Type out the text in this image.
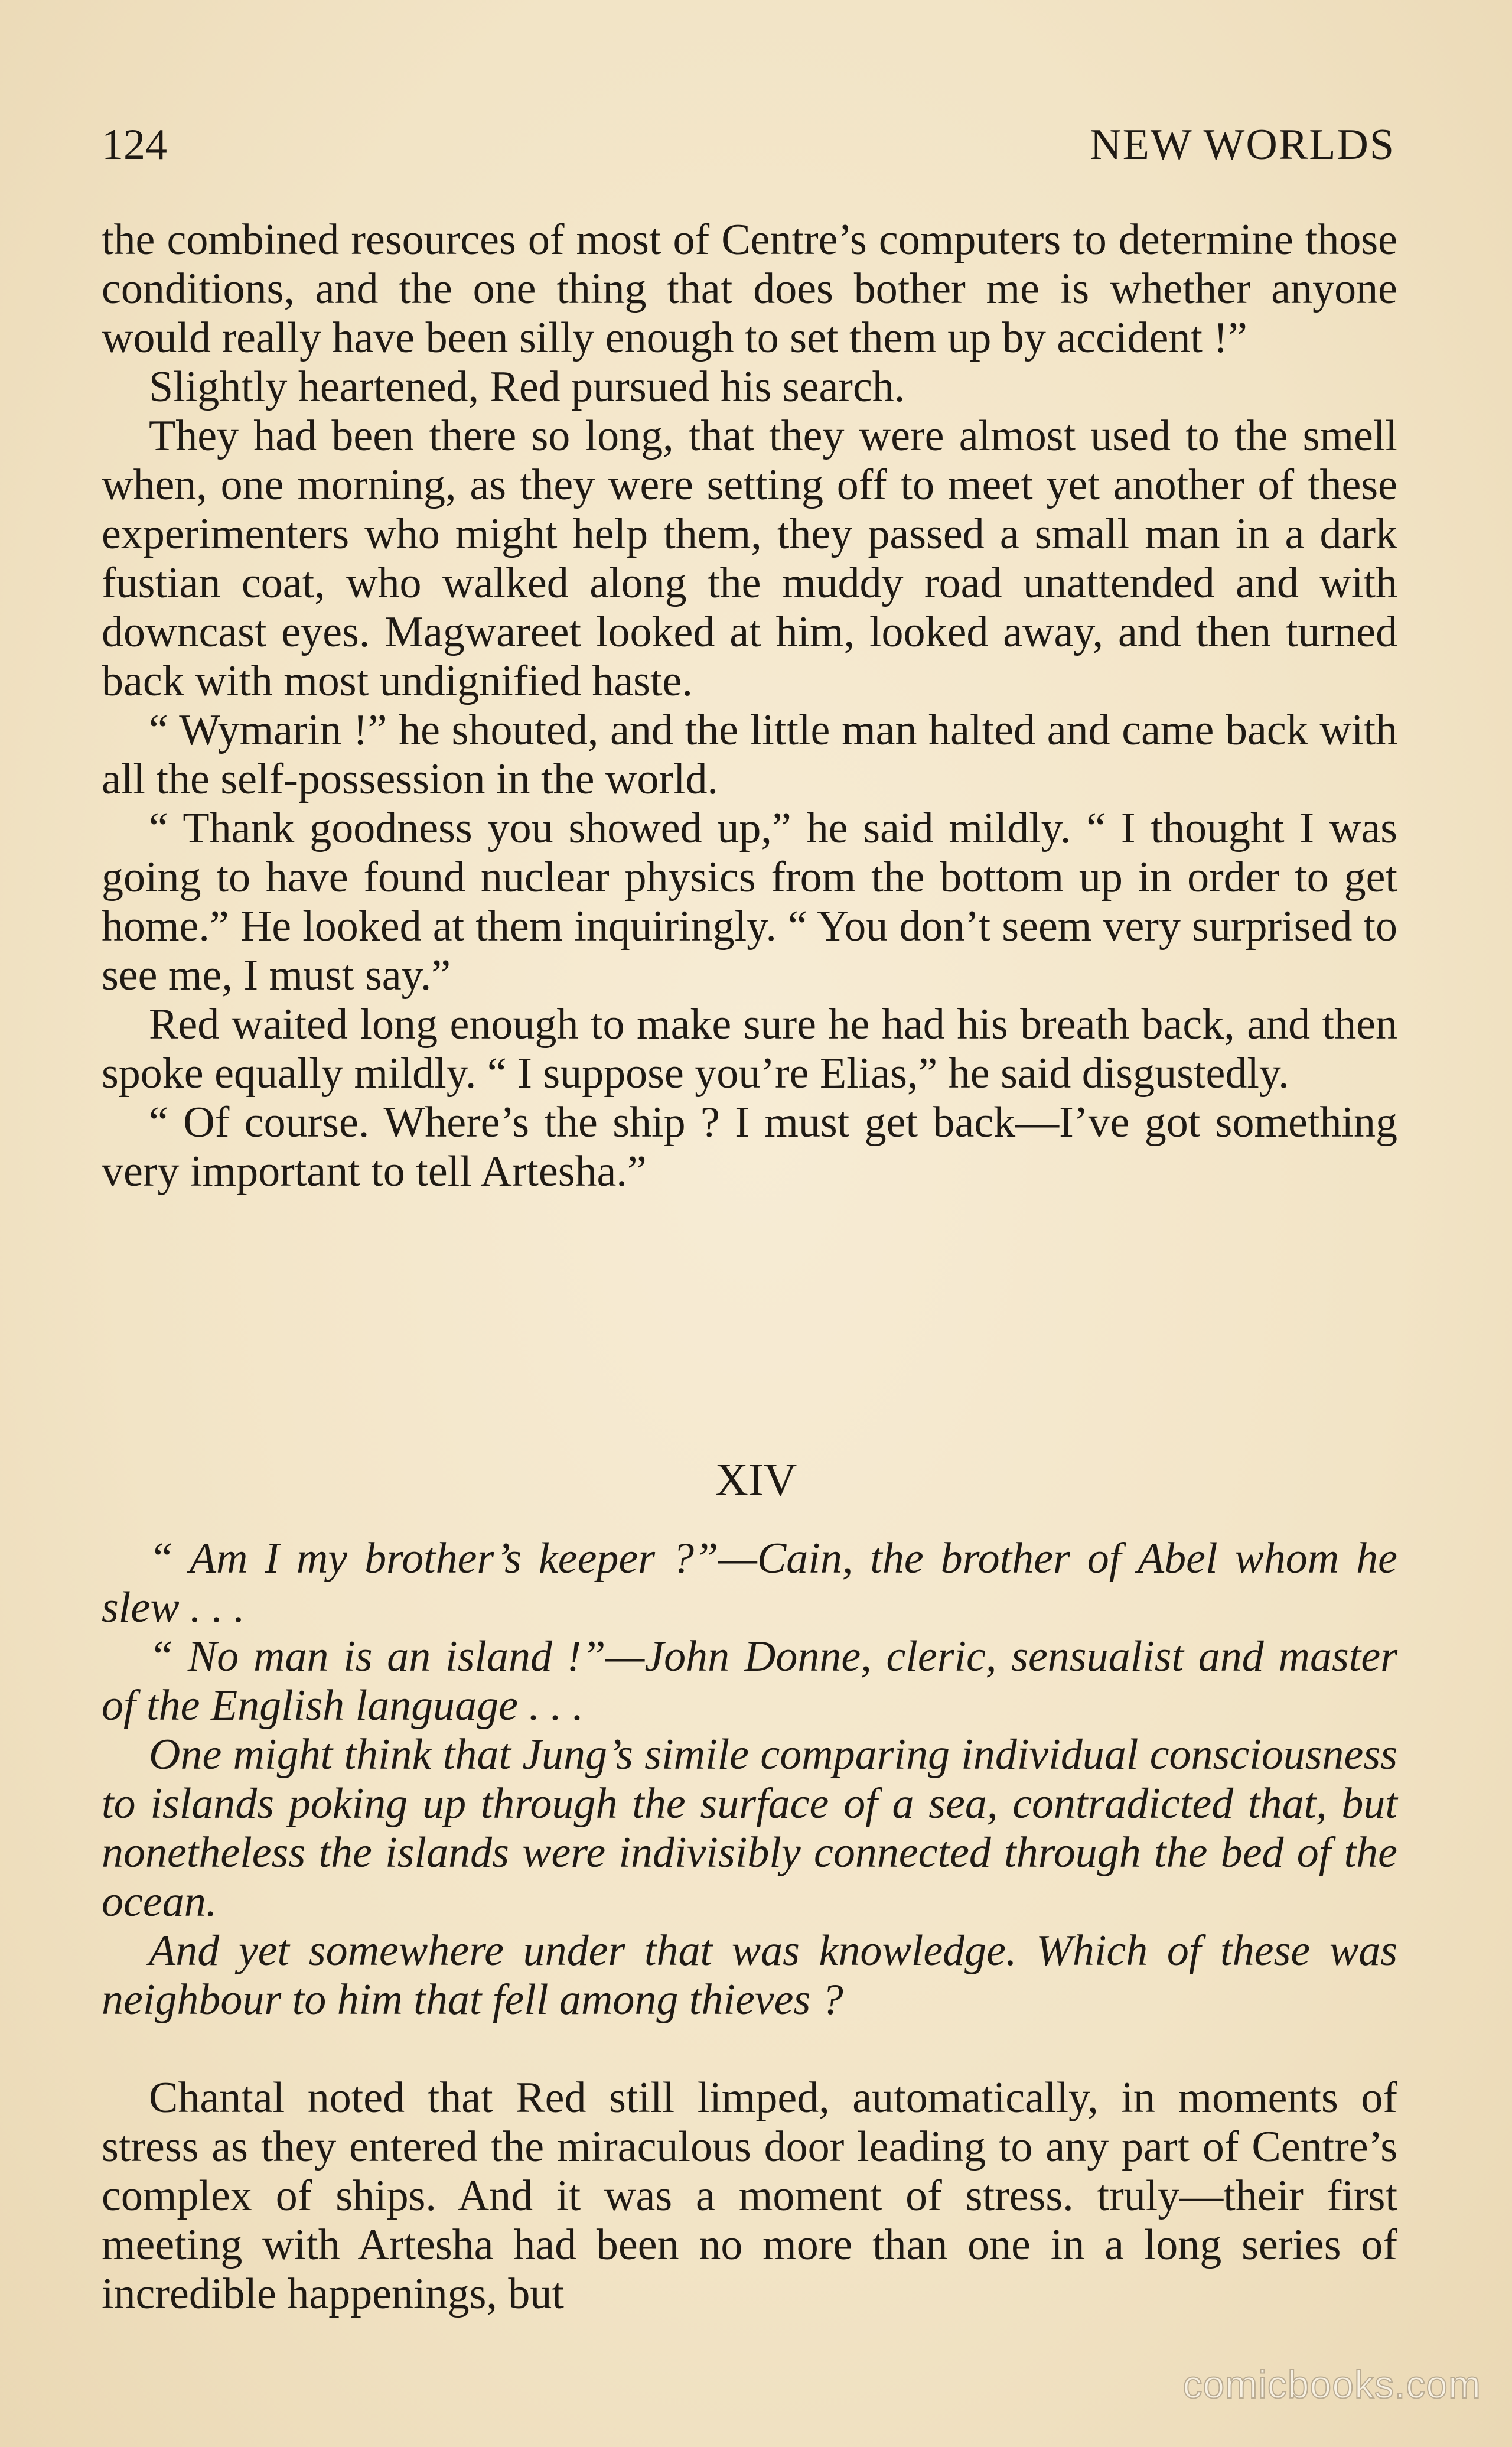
124	NEW WORLDS

the combined resources of most of Centre’s computers to determine those conditions, and the one thing that does bother me is whether anyone would really have been silly enough to set them up by accident !”

Slightly heartened, Red pursued his search.

They had been there so long, that they were almost used to the smell when, one morning, as they were setting off to meet yet another of these experimenters who might help them, they passed a small man in a dark fustian coat, who walked along the muddy road unattended and with downcast eyes. Magwareet looked at him, looked away, and then turned back with most undignified haste.

“ Wymarin !” he shouted, and the little man halted and came back with all the self-possession in the world.

“ Thank goodness you showed up,” he said mildly. “ I thought I was going to have found nuclear physics from the bottom up in order to get home.” He looked at them inquiringly. “ You don’t seem very surprised to see me, I must say.”

Red waited long enough to make sure he had his breath back, and then spoke equally mildly. “ I suppose you’re Elias,” he said disgustedly.

“ Of course. Where’s the ship ? I must get back—I’ve got something very important to tell Artesha.”

XIV

“ Am I my brother’s keeper ?”—Cain, the brother of Abel whom he slew . . .

“ No man is an island !”—John Donne, cleric, sensualist and master of the English language . . .

One might think that Jung’s simile comparing individual consciousness to islands poking up through the surface of a sea, contradicted that, but nonetheless the islands were indivisibly connected through the bed of the ocean.

And yet somewhere under that was knowledge. Which of these was neighbour to him that fell among thieves ?

Chantal noted that Red still limped, automatically, in moments of stress as they entered the miraculous door leading to any part of Centre’s complex of ships. And it was a moment of stress. truly—their first meeting with Artesha had been no more than one in a long series of incredible happenings, but

comicbooks.com
